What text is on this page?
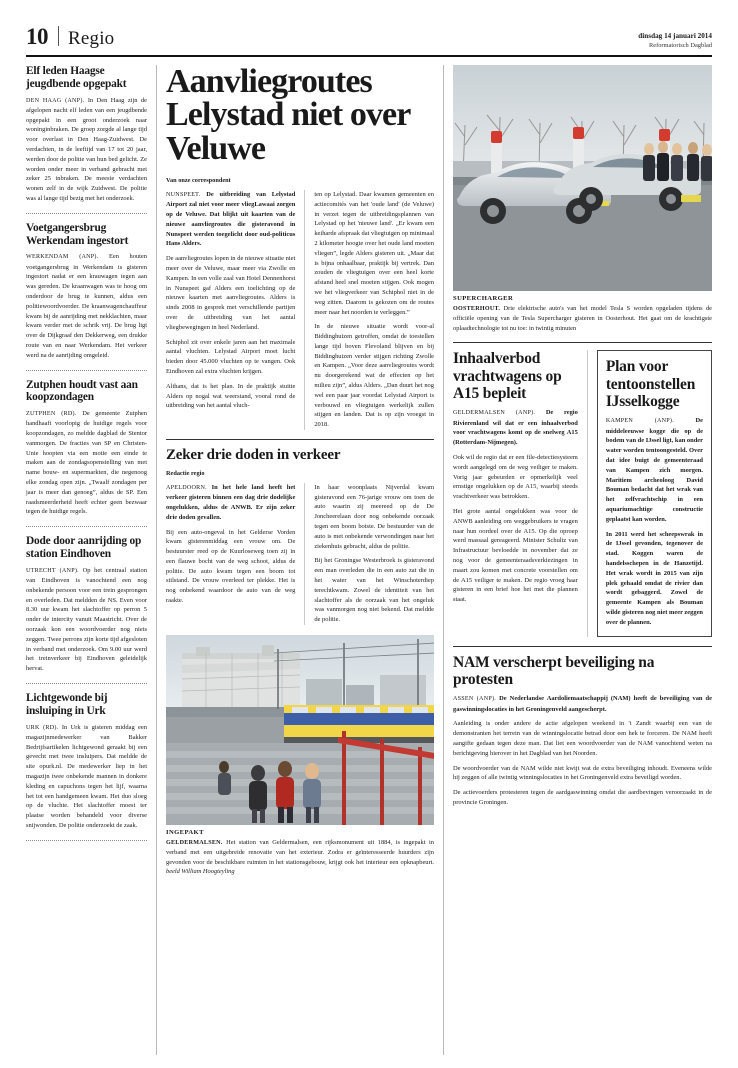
10 Regio	dinsdag 14 januari 2014
Reformatorisch Dagblad
Elf leden Haagse jeugdbende opgepakt

DEN HAAG (ANP). In Den Haag zijn de afgelopen nacht elf leden van een jeugdbende opgepakt in een groot onderzoek naar woninginbraken. De groep zorgde al lange tijd voor overlast in Den Haag-Zuidwest. De verdachten, in de leeftijd van 17 tot 20 jaar, werden door de politie van hun bed gelicht. Ze worden onder meer in verband gebracht met zeker 25 inbraken. De meeste verdachten wonen zelf in de wijk Zuidwest. De politie was al lange tijd bezig met het onderzoek.

Voetgangersbrug Werkendam ingestort

WERKENDAM (ANP). Een houten voetgangersbrug in Werkendam is gisteren ingestort nadat er een krauwagen tegen aan was gereden. De kraanwagen was te hoog om onderdoor de brug te kunnen, aldus een politiewoordvoerder. De kraanwagenchauffeur kwam bij de aanrijding met nekklachten, maar kwam verder met de schrik vrij. De brug ligt over de Dijkgraaf den Dekkerweg, een drukke route van en naar Werkendam. Het verkeer werd na de aanrijding omgeleid.

Zutphen houdt vast aan koopzondagen

ZUTPHEN (RD). De gemeente Zutphen handhaaft voorlopig de huidige regels voor koopzondagen, zo meldde dagblad de Stentor vanmorgen. De fracties van SP en Christen-Unie hoopten via een motie een einde te maken aan de zondagsopenstelling van met name bouw- en supermarkten, die negenoog elke zondag open zijn. „Twaalf zondagen per jaar is meer dan genoeg”, aldus de SP. Een raadsmeerderheid heeft echter geen bezwaar tegen de huidige regels.

Dode door aanrijding op station Eindhoven

UTRECHT (ANP). Op het centraal station van Eindhoven is vanochtend een nog onbekende persoon voor een trein gesprongen en overleden. Dat meldden de NS. Even voor 8.30 uur kwam het slachtoffer op perron 5 onder de intercity vanuit Maastricht. Over de oorzaak kon een woordvoerder nog niets zeggen. Twee perrons zijn korte tijd afgesloten in verband met onderzoek. Om 9.00 uur werd het treinverkeer bij Eindhoven geleidelijk hervat.

Lichtgewonde bij insluiping in Urk

URK (RD). In Urk is gisteren middag een magazijnmedewerker van Bakker Bedrijfsartikelen lichtgewond geraakt bij een gevecht met twee insluipers. Dat meldde de site opurk.nl. De medewerker liep in het magazijn twee onbekende mannen in donkere kleding en capuchons tegen het lijf, waarna het tot een handgemeen kwam. Het duo sloeg op de vluchte. Het slachtoffer moest ter plaatse worden behandeld voor diverse snijwonden. De politie onderzoekt de zaak.

Aanvliegroutes Lelystad niet over Veluwe
Van onze correspondent

NUNSPEET. De uitbreiding van Lelystad Airport zal niet voor meer vliegLawaai zorgen op de Veluwe. Dat blijkt uit kaarten van de nieuwe aanvliegroutes die gisteravond in Nunspeet werden toegelicht door oud-politicus Hans Alders.

De aanvliegroutes lopen in de nieuwe situatie niet meer over de Veluwe, maar meer via Zwolle en Kampen. In een volle zaal van Hotel Dennenhorst in Nunspeet gaf Alders een toelichting op de nieuwe kaarten met aanvliegroutes. Alders is sinds 2008 in gesprek met verschillende partijen over de uitbreiding van het aantal vliegbewegingen in heel Nederland.

Schiphol zit over enkele jaren aan het maximale aantal vluchten. Lelystad Airport moet lucht bieden door 45.000 vluchten op te vangen. Ook Eindhoven zal extra vluchten krijgen.

Althans, dat is het plan. In de praktijk stuitte Alders op nogal wat weerstand, vooral rond de uitbreiding van het aantal vluch-

ten op Lelystad. Daar kwamen gemeenten en actiecomités van het 'oude land' (de Veluwe) in verzet tegen de uitbreidingsplannen van Lelystad op het 'nieuwe land'. „Er kwam een keiharde afspraak dat vliegtuigen op minimaal 2 kilometer hoogte over het oude land moeten vliegen”, legde Alders gisteren uit. „Maar dat is bijna onhaalbaar, praktijk bij vertrek. Dan zouden de vliegtuigen over een heel korte afstand heel snel moeten stijgen. Ook mogen we het vliegverkeer van Schiphol niet in de weg zitten. Daarom is gekozen om de routes meer naar het noorden te verleggen.”

In de nieuwe situatie wordt voor-al Biddinghuizen getroffen, omdat de toestellen lange tijd boven Flevoland blijven en bij Biddinghuizen verder stijgen richting Zwolle en Kampen. „Voor deze aanvliegroutes wordt nu doorgerekend wat de effecten op het milieu zijn”, aldus Alders. „Dan duurt het nog wel een paar jaar voordat Lelystad Airport is verbouwd en vliegtuigen werkelijk zullen stijgen en landen. Dat is op zijn vroegst in 2018.

Zeker drie doden in verkeer
Redactie regio

APELDOORN. In het hele land heeft het verkeer gisteren binnen een dag drie dodelijke ongelukken, aldus de ANWB. Er zijn zeker drie doden gevallen.

Bij een auto-ongeval in het Gelderse Vorden kwam gisterenmiddag een vrouw om. De bestuurster reed op de Kuurloseweg toen zij in een flauwe bocht van de weg schoot, aldus de politie. De auto kwam tegen een boom tot stilstand. De vrouw overleed ter plekke. Het is nog onbekend waardoor de auto van de weg raakte.

In haar woonplaats Nijverdal kwam gisteravond een 76-jarige vrouw om toen de auto waarin zij meereed op de De Joncheerelaan door nog onbekende oorzaak tegen een boom botste. De bestuurder van de auto is met onbekende verwondingen naar het ziekenhuis gebracht, aldus de politie.

Bij het Groningse Westerbroek is gisteravond een man overleden die in een auto zat die in het water van het Winschoterdiep terechtkwam. Zowel de identiteit van het slachtoffer als de oorzaak van het ongeluk was vanmorgen nog niet bekend. Dat meldde de politie.

INGEPAKT

GELDERMALSEN. Het station van Geldermalsen, een rijksmonument uit 1884, is ingepakt in verband met een uitgebreide renovatie van het exterieur. Zodra er geïnteresseerde huurders zijn gevonden voor de beschikbare ruimten in het stationsgebouw, krijgt ook het interieur een opknapbeurt. beeld William Hoogteyling

SUPERCHARGER

OOSTERHOUT. Drie elektrische auto's van het model Tesla S worden opgeladen tijdens de officiële opening van de Tesla Supercharger gisteren in Oosterhout. Het gaat om de krachtigste oplaadtechnologie tot nu toe: in twintig minuten

Inhaalverbod vrachtwagens op A15 bepleit

GELDERMALSEN (ANP). De regio Rivierenland wil dat er een inhaalverbod voor vrachtwagens komt op de snelweg A15 (Rotterdam-Nijmegen).

Ook wil de regio dat er een file-detectiesysteem wordt aangelegd om de weg veiliger te maken. Vorig jaar gebeurden er opmerkelijk veel ernstige ongelukken op de A15, waarbij steeds vrachtverkeer was betrokken.

Het grote aantal ongelukken was voor de ANWB aanleiding om weggebruikers te vragen naar hun oordeel over de A15. Op die oproep werd massaal gereageerd. Minister Schultz van Infrastructuur bevloedde in november dat ze nog voor de gemeenteraadsverkiezingen in maart zou komen met concrete voorstellen om de A15 veiliger te maken. De regio vroeg haar gisteren in een brief hoe het met die plannen staat.

Plan voor tentoonstellen IJsselkogge

KAMPEN (ANP).	De middeleeuwse kogge die op de bodem van de IJssel ligt, kan onder water worden tentoongesteld. Over dat idee buigt de gemeenteraad van Kampen zich morgen. Maritiem archeoloog David Bouman bedacht dat het wrak van het zelfvrachtschip in een aquariumachtige constructie geplaatst kan worden.

In 2011 werd het scheepswrak in de IJssel gevonden, tegenover de stad. Koggen waren de handelsschepen in de Hanzetijd. Het wrak wordt in 2015 van zijn plek gehaald omdat de rivier dan wordt gebaggerd. Zowel de gemeente Kampen als Bouman wilde gisteren nog niet meer zeggen over de plannen.

NAM verscherpt beveiliging na protesten

ASSEN (ANP). De Nederlandse Aardoliemaatschappij (NAM) heeft de beveiliging van de gaswinningslocaties in het Groningenveld aangescherpt.

Aanleiding is onder andere de actie afgelopen weekend in 't Zandt waarbij een van de demonstranten het terrein van de winningslocatie betrad door een hek te forceren. De NAM heeft aangifte gedaan tegen deze man. Dat liet een woordvoerder van de NAM vanochtend weten na berichtgeving hierover in het Dagblad van het Noorden.

De woordvoerder van de NAM wilde niet kwijt wat de extra beveiliging inhoudt. Eveneens wilde hij zeggen of alle twintig winningslocaties in het Groningenveld extra beveiligd worden.

De actievoerders protesteren tegen de aardgaswinning omdat die aardbevingen veroorzaakt in de provincie Groningen.
